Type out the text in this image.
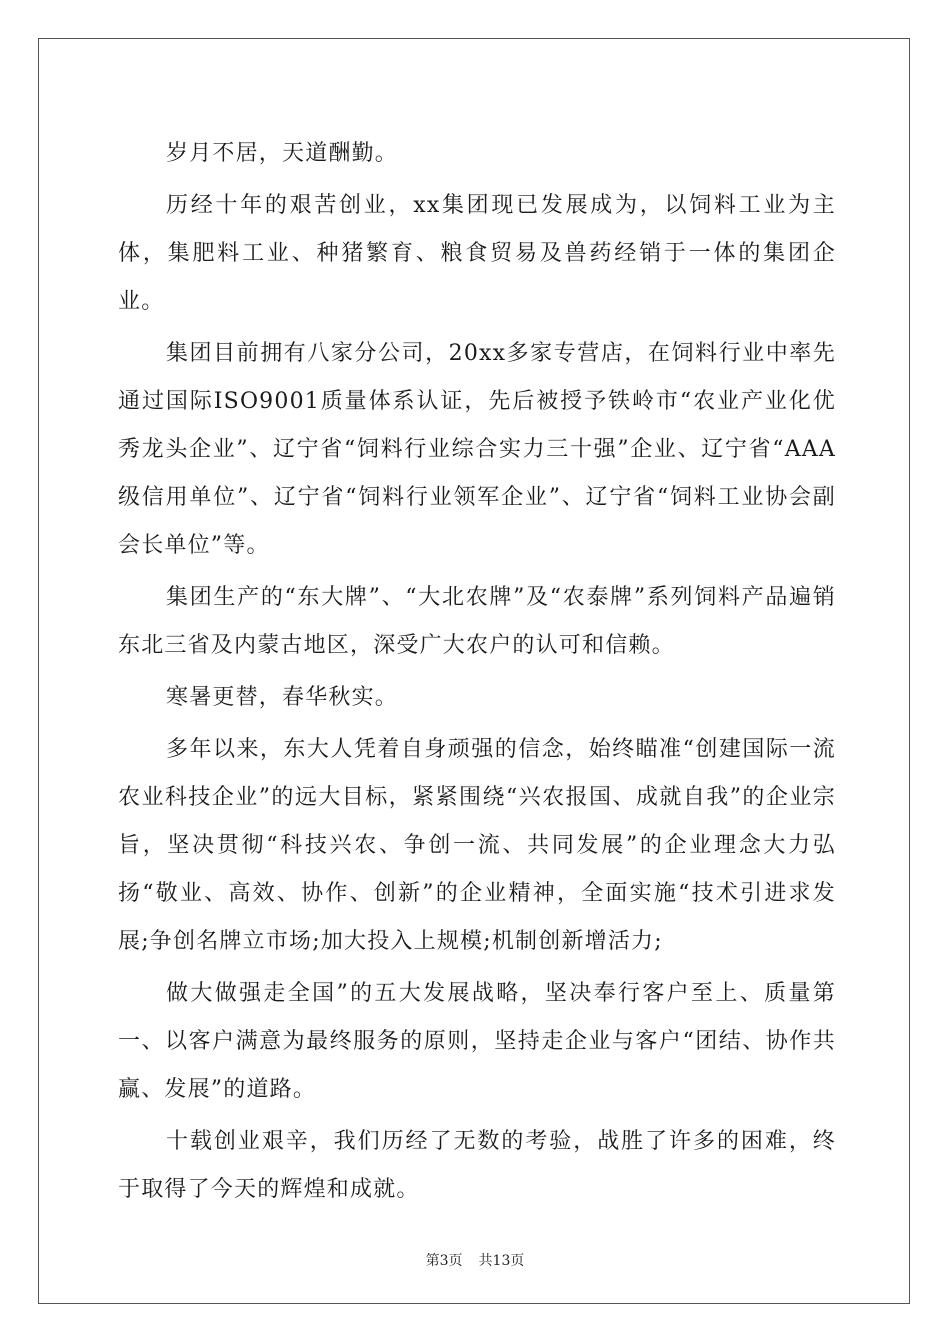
岁月不居，天道酬勤。

历经十年的艰苦创业，xx集团现已发展成为，以饲料工业为主体，集肥料工业、种猪繁育、粮食贸易及兽药经销于一体的集团企业。

集团目前拥有八家分公司，20xx多家专营店，在饲料行业中率先通过国际ISO9001质量体系认证，先后被授予铁岭市“农业产业化优秀龙头企业”、辽宁省“饲料行业综合实力三十强”企业、辽宁省“AAA级信用单位”、辽宁省“饲料行业领军企业”、辽宁省“饲料工业协会副会长单位”等。

集团生产的“东大牌”、“大北农牌”及“农泰牌”系列饲料产品遍销东北三省及内蒙古地区，深受广大农户的认可和信赖。

寒暑更替，春华秋实。

多年以来，东大人凭着自身顽强的信念，始终瞄准“创建国际一流农业科技企业”的远大目标，紧紧围绕“兴农报国、成就自我”的企业宗旨，坚决贯彻“科技兴农、争创一流、共同发展”的企业理念大力弘扬“敬业、高效、协作、创新”的企业精神，全面实施“技术引进求发展;争创名牌立市场;加大投入上规模;机制创新增活力;

做大做强走全国”的五大发展战略，坚决奉行客户至上、质量第一、以客户满意为最终服务的原则，坚持走企业与客户“团结、协作共赢、发展”的道路。

十载创业艰辛，我们历经了无数的考验，战胜了许多的困难，终于取得了今天的辉煌和成就。

第3页 共13页
